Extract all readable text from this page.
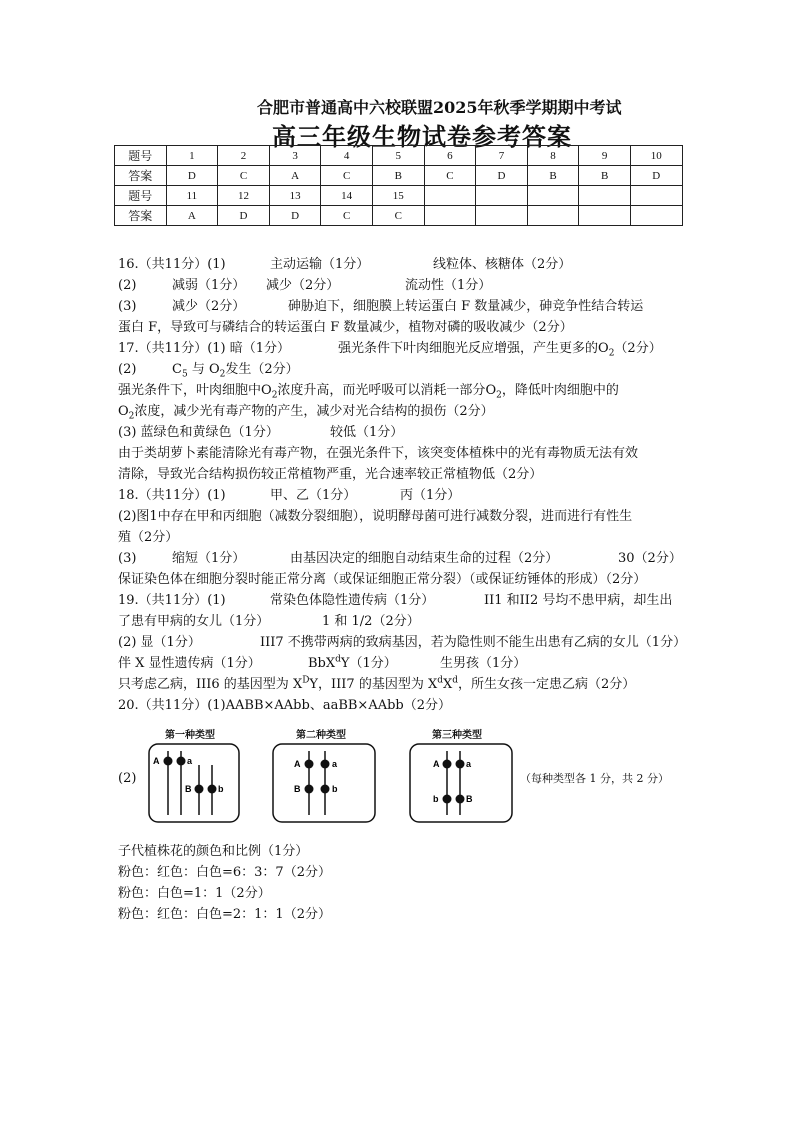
合肥市普通高中六校联盟2025年秋季学期期中考试
高三年级生物试卷参考答案
题号	1	2	3	4	5	6	7	8	9	10
答案	D	C	A	C	B	C	D	B	B	D
题号	11	12	13	14	15					
答案	A	D	D	C	C					
16.（共11分）(1)	主动运输（1分）	线粒体、核糖体（2分）
(2)	减弱（1分） 减少（2分）	流动性（1分）
(3)	减少（2分）	砷胁迫下，细胞膜上转运蛋白 F 数量减少，砷竞争性结合转运
蛋白 F，导致可与磷结合的转运蛋白 F 数量减少，植物对磷的吸收减少（2分）
17.（共11分）(1) 暗（1分）	强光条件下叶肉细胞光反应增强，产生更多的$O_2(2$分）
(2)	$C_5$ 与 $O_2$发生（2分）
强光条件下，叶肉细胞中$O_2$浓度升高，而光呼吸可以消耗一部分$O_2$，降低叶肉细胞中的
$O_2$浓度，减少光有毒产物的产生，减少对光合结构的损伤（2分）
(3) 蓝绿色和黄绿色（1分）	较低（1分）
由于类胡萝卜素能清除光有毒产物，在强光条件下，该突变体植株中的光有毒物质无法有效
清除，导致光合结构损伤较正常植物严重，光合速率较正常植物低（2分）
18.（共11分）(1)	甲、乙（1分）	丙（1分）
(2)图1中存在甲和丙细胞（减数分裂细胞），说明酵母菌可进行减数分裂，进而进行有性生
殖（2分）
(3)	缩短（1分）	由基因决定的细胞自动结束生命的过程（2分）	30（2分）
保证染色体在细胞分裂时能正常分离（或保证细胞正常分裂）（或保证纺锤体的形成）（2分）
19.（共11分）(1)	常染色体隐性遗传病（1分）	II1 和II2 号均不患甲病，却生出
了患有甲病的女儿（1分）	1 和 1/2（2分）
(2) 显（1分）	III7 不携带两病的致病基因，若为隐性则不能生出患有乙病的女儿（1分）
伴 X 显性遗传病（1分）	BbX$^d$Y（1分）	生男孩（1分）
只考虑乙病，III6 的基因型为 $X^DY$，III7 的基因型为 $X^dX^d$，所生女孩一定患乙病（2分）
20.（共11分）(1)AABB×AAbb、aaBB×AAbb（2分）
(2)
第一种类型	第二种类型	第三种类型
A	a
B	b
A	a
B	b
A	a
b	B
（每种类型各 1 分，共 2 分）
子代植株花的颜色和比例（1分）
粉色：红色：白色=6：3：7（2分）
粉色：白色=1：1（2分）
粉色：红色：白色=2：1：1（2分）
